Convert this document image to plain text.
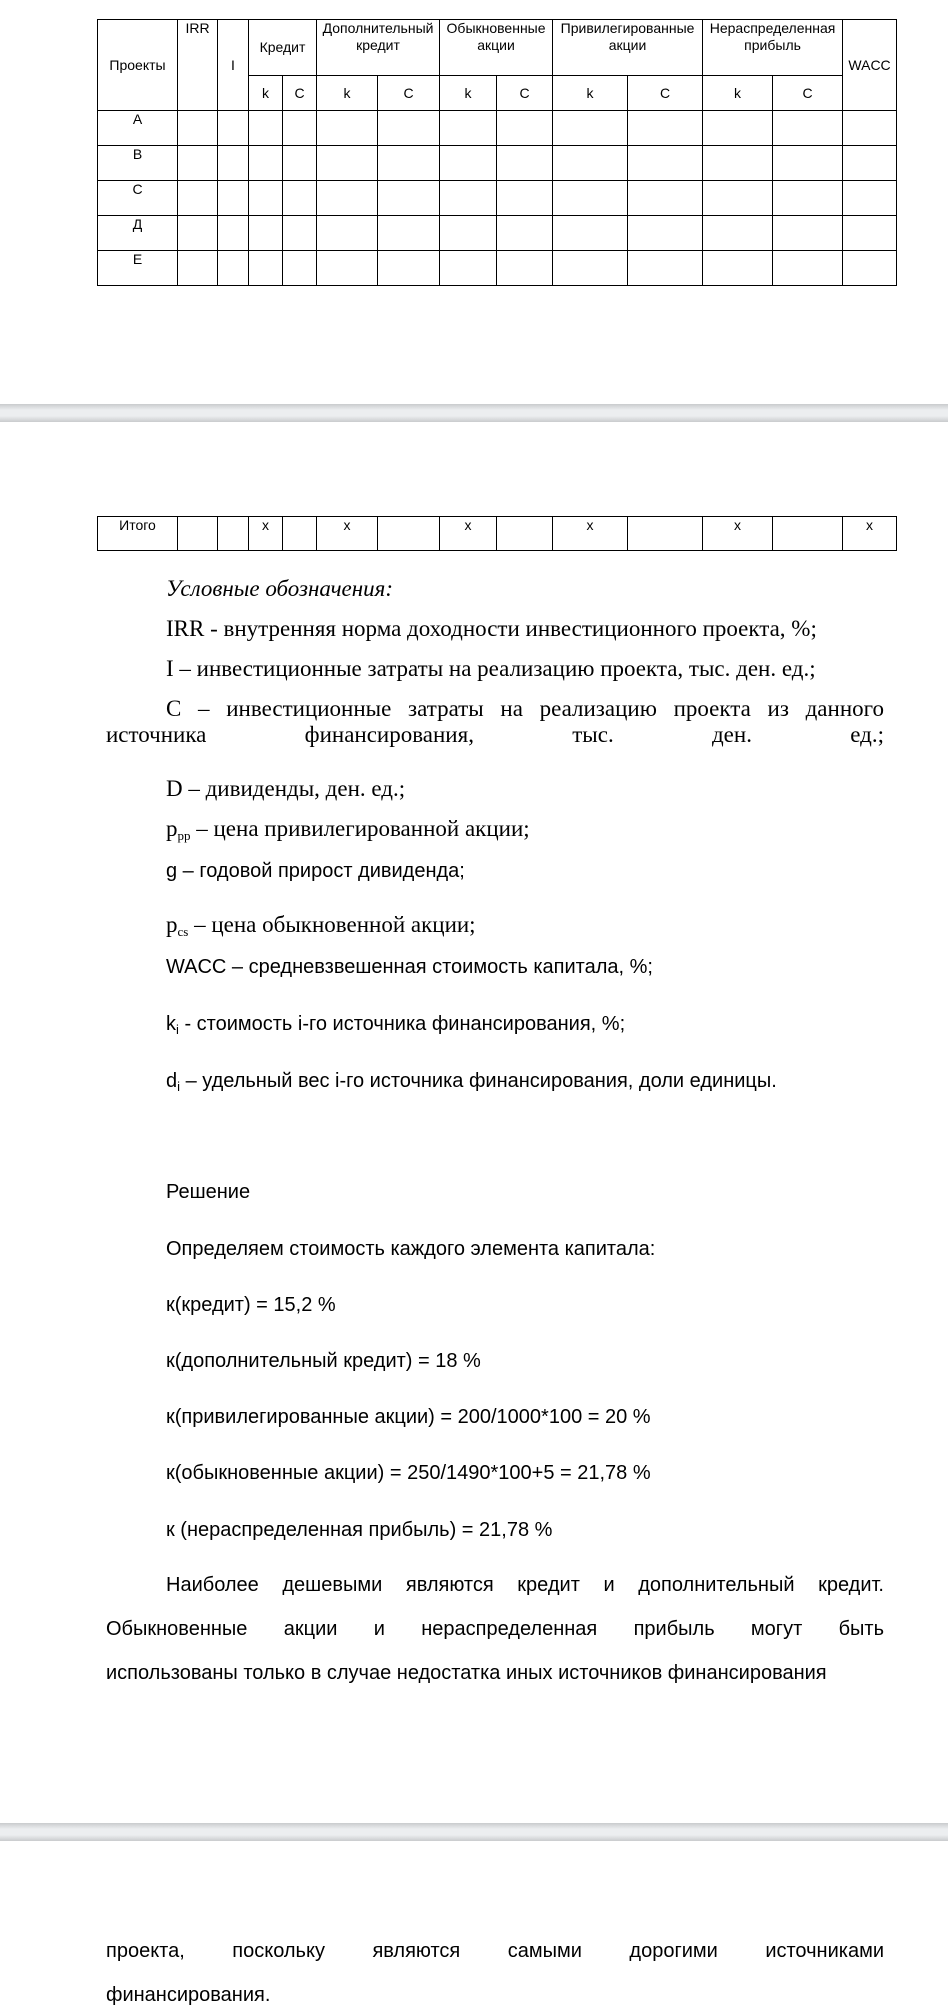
Проекты	IRR	I	Кредит		Дополнительный кредит		Обыкновенные акции		Привилегированные акции		Нераспределенная прибыль		WACC
			k	C	k	C	k	C	k	C	k	C	
A													
B													
C													
Д													
E													
Итого			x		x		x		x		x		x
Условные обозначения:
IRR - внутренняя норма доходности инвестиционного проекта, %;
I – инвестиционные затраты на реализацию проекта, тыс. ден. ед.;
С – инвестиционные затраты на реализацию проекта из данного источника финансирования, тыс. ден. ед.;
D – дивиденды, ден. ед.;
$p_{pp}$ – цена привилегированной акции;
g – годовой прирост дивиденда;
$p_{cs}$ – цена обыкновенной акции;
WACC – средневзвешенная стоимость капитала, %;
$k_i$ - стоимость i-го источника финансирования, %;
$d_i$ – удельный вес i-го источника финансирования, доли единицы.
Решение
Определяем стоимость каждого элемента капитала:
к(кредит) = 15,2 %
к(дополнительный кредит) = 18 %
к(привилегированные акции) = 200/1000*100 = 20 %
к(обыкновенные акции) = 250/1490*100+5 = 21,78 %
к (нераспределенная прибыль) = 21,78 %
Наиболее дешевыми являются кредит и дополнительный кредит.
Обыкновенные акции и нераспределенная прибыль могут быть
использованы только в случае недостатка иных источников финансирования
проекта, поскольку являются самыми дорогими источниками
финансирования.
